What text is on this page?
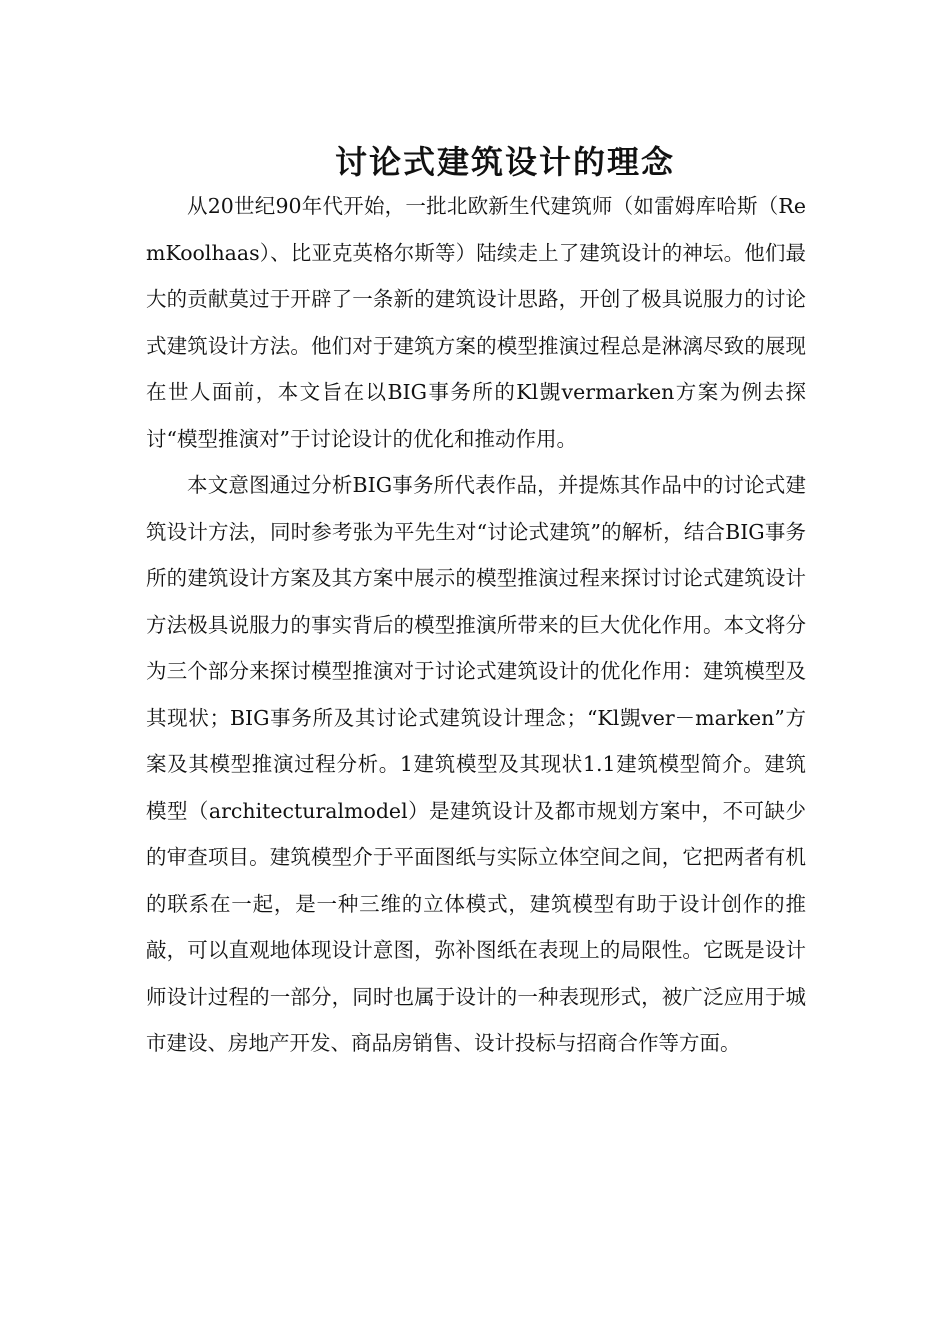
讨论式建筑设计的理念

从20世纪90年代开始，一批北欧新生代建筑师（如雷姆库哈斯（RemKoolhaas）、比亚克英格尔斯等）陆续走上了建筑设计的神坛。他们最大的贡献莫过于开辟了一条新的建筑设计思路，开创了极具说服力的讨论式建筑设计方法。他们对于建筑方案的模型推演过程总是淋漓尽致的展现在世人面前，本文旨在以BIG事务所的Kl覬vermarken方案为例去探讨“模型推演对”于讨论设计的优化和推动作用。

本文意图通过分析BIG事务所代表作品，并提炼其作品中的讨论式建筑设计方法，同时参考张为平先生对“讨论式建筑”的解析，结合BIG事务所的建筑设计方案及其方案中展示的模型推演过程来探讨讨论式建筑设计方法极具说服力的事实背后的模型推演所带来的巨大优化作用。本文将分为三个部分来探讨模型推演对于讨论式建筑设计的优化作用：建筑模型及其现状；BIG事务所及其讨论式建筑设计理念；“Kl覬ver－marken”方案及其模型推演过程分析。1建筑模型及其现状1.1建筑模型简介。建筑模型（architecturalmodel）是建筑设计及都市规划方案中，不可缺少的审查项目。建筑模型介于平面图纸与实际立体空间之间，它把两者有机的联系在一起，是一种三维的立体模式，建筑模型有助于设计创作的推敲，可以直观地体现设计意图，弥补图纸在表现上的局限性。它既是设计师设计过程的一部分，同时也属于设计的一种表现形式，被广泛应用于城市建设、房地产开发、商品房销售、设计投标与招商合作等方面。
